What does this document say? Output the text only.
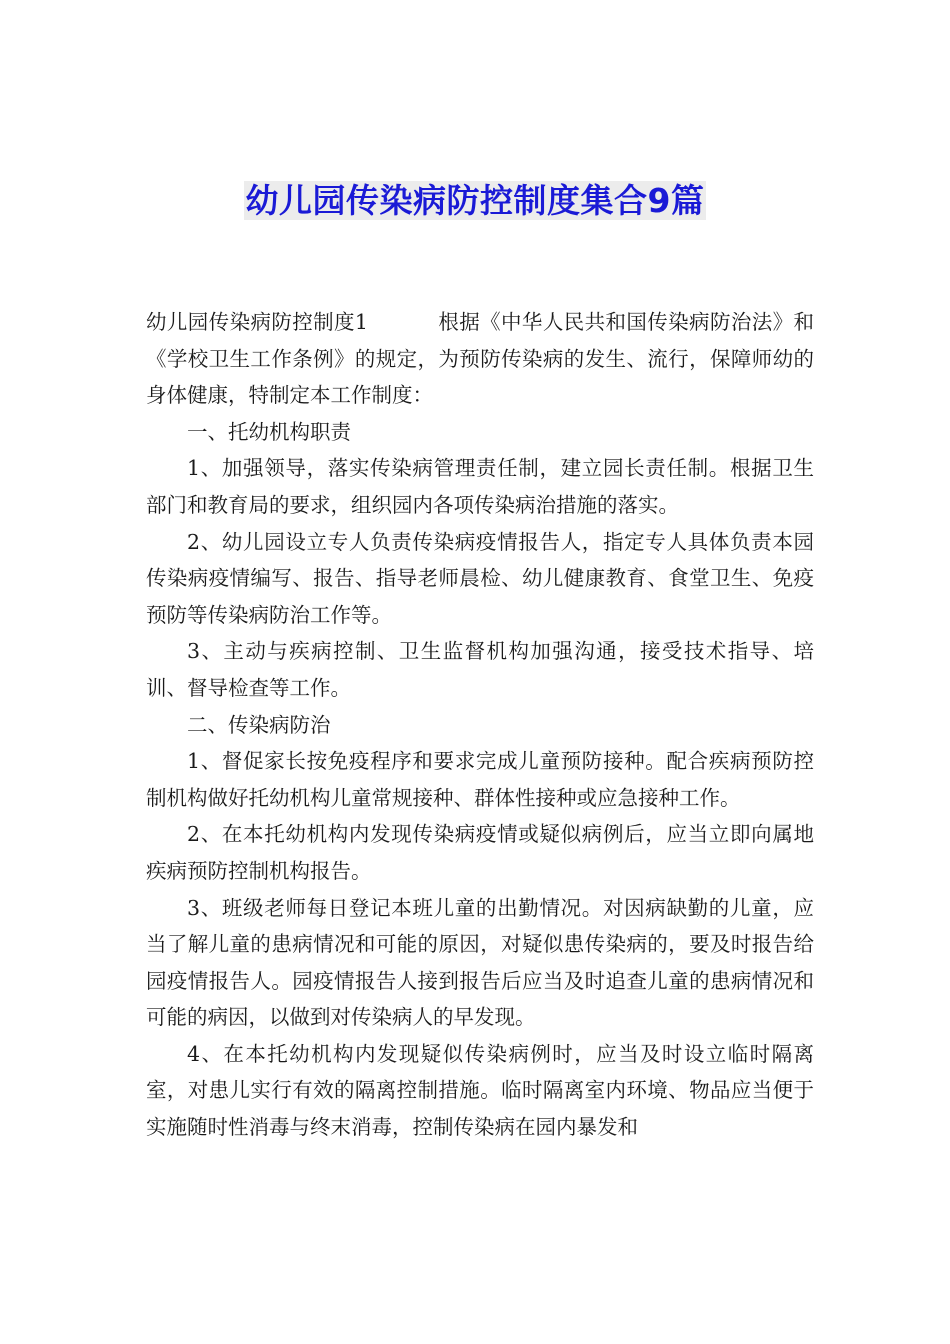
幼儿园传染病防控制度集合9篇

幼儿园传染病防控制度1	根据《中华人民共和国传染病防治法》和《学校卫生工作条例》的规定，为预防传染病的发生、流行，保障师幼的身体健康，特制定本工作制度：

一、托幼机构职责

1、加强领导，落实传染病管理责任制，建立园长责任制。根据卫生部门和教育局的要求，组织园内各项传染病治措施的落实。

2、幼儿园设立专人负责传染病疫情报告人，指定专人具体负责本园传染病疫情编写、报告、指导老师晨检、幼儿健康教育、食堂卫生、免疫预防等传染病防治工作等。

3、主动与疾病控制、卫生监督机构加强沟通，接受技术指导、培训、督导检查等工作。

二、传染病防治

1、督促家长按免疫程序和要求完成儿童预防接种。配合疾病预防控制机构做好托幼机构儿童常规接种、群体性接种或应急接种工作。

2、在本托幼机构内发现传染病疫情或疑似病例后，应当立即向属地疾病预防控制机构报告。

3、班级老师每日登记本班儿童的出勤情况。对因病缺勤的儿童，应当了解儿童的患病情况和可能的原因，对疑似患传染病的，要及时报告给园疫情报告人。园疫情报告人接到报告后应当及时追查儿童的患病情况和可能的病因，以做到对传染病人的早发现。

4、在本托幼机构内发现疑似传染病例时，应当及时设立临时隔离室，对患儿实行有效的隔离控制措施。临时隔离室内环境、物品应当便于实施随时性消毒与终末消毒，控制传染病在园内暴发和
